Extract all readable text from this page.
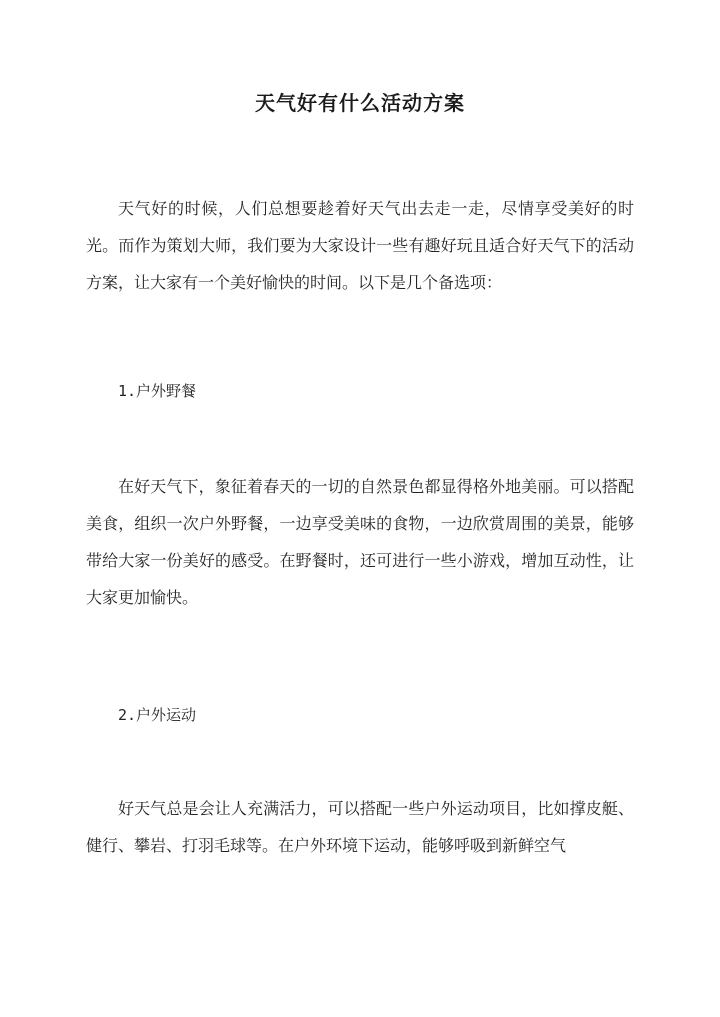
天气好有什么活动方案

天气好的时候，人们总想要趁着好天气出去走一走，尽情享受美好的时光。而作为策划大师，我们要为大家设计一些有趣好玩且适合好天气下的活动方案，让大家有一个美好愉快的时间。以下是几个备选项：

1.户外野餐

在好天气下，象征着春天的一切的自然景色都显得格外地美丽。可以搭配美食，组织一次户外野餐，一边享受美味的食物，一边欣赏周围的美景，能够带给大家一份美好的感受。在野餐时，还可进行一些小游戏，增加互动性，让大家更加愉快。

2.户外运动

好天气总是会让人充满活力，可以搭配一些户外运动项目，比如撑皮艇、健行、攀岩、打羽毛球等。在户外环境下运动，能够呼吸到新鲜空气
